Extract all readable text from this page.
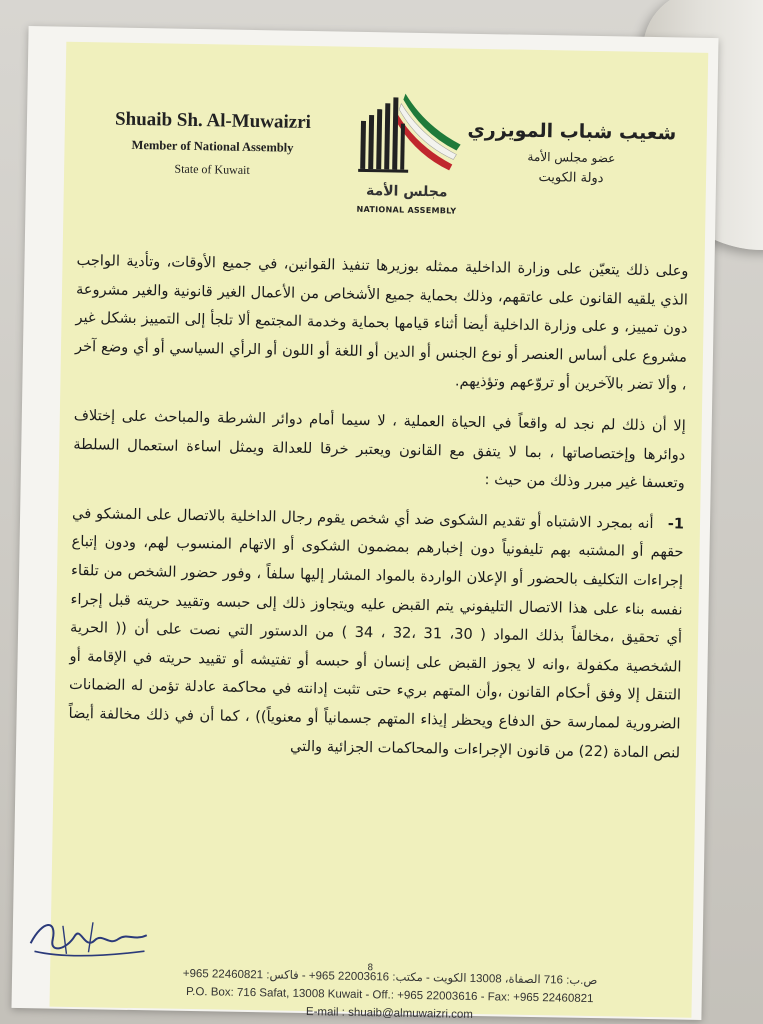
Shuaib Sh. Al-Muwaizri
Member of National Assembly
State of Kuwait
مجلس الأمة
NATIONAL ASSEMBLY
شعيب شباب المويزري
عضو مجلس الأمة
دولة الكويت

وعلى ذلك يتعيّن على وزارة الداخلية ممثله بوزيرها تنفيذ القوانين، في جميع الأوقات، وتأدية الواجب الذي يلقيه القانون على عاتقهم، وذلك بحماية جميع الأشخاص من الأعمال الغير قانونية والغير مشروعة دون تمييز، و على وزارة الداخلية أيضا أثناء قيامها بحماية وخدمة المجتمع ألا تلجأ إلى التمييز بشكل غير مشروع على أساس العنصر أو نوع الجنس أو الدين أو اللغة أو اللون أو الرأي السياسي أو أي وضع آخر ، وألا تضر بالآخرين أو تروّعهم وتؤذيهم.

إلا أن ذلك لم نجد له واقعاً في الحياة العملية ، لا سيما أمام دوائر الشرطة والمباحث على إختلاف دوائرها وإختصاصاتها ، بما لا يتفق مع القانون ويعتبر خرقا للعدالة ويمثل اساءة استعمال السلطة وتعسفا غير مبرر وذلك من حيث :

1-   أنه بمجرد الاشتباه أو تقديم الشكوى ضد أي شخص يقوم رجال الداخلية بالاتصال على المشكو في حقهم أو المشتبه بهم تليفونياً دون إخبارهم بمضمون الشكوى أو الاتهام المنسوب لهم، ودون إتباع إجراءات التكليف بالحضور أو الإعلان الواردة بالمواد المشار إليها سلفاً ، وفور حضور الشخص من تلقاء نفسه بناء على هذا الاتصال التليفوني يتم القبض عليه ويتجاوز ذلك إلى حبسه وتقييد حريته قبل إجراء أي تحقيق ،مخالفاً بذلك المواد ( 30، 31 ،32 ، 34 ) من الدستور التي نصت على أن (( الحرية الشخصية مكفولة ،وانه لا يجوز القبض على إنسان أو حبسه أو تفتيشه أو تقييد حريته في الإقامة أو التنقل إلا وفق أحكام القانون ،وأن المتهم بريء حتى تثبت إدانته في محاكمة عادلة تؤمن له الضمانات الضرورية لممارسة حق الدفاع ويحظر إيذاء المتهم جسمانياً أو معنوياً)) ، كما أن في ذلك مخالفة أيضاً لنص المادة (22) من قانون الإجراءات والمحاكمات الجزائية والتي

8
ص.ب: 716 الصفاة، 13008 الكويت - مكتب: 22003616 965+ - فاكس: 22460821 965+
P.O. Box: 716 Safat, 13008 Kuwait - Off.: +965 22003616 - Fax: +965 22460821
E-mail : shuaib@almuwaizri.com
